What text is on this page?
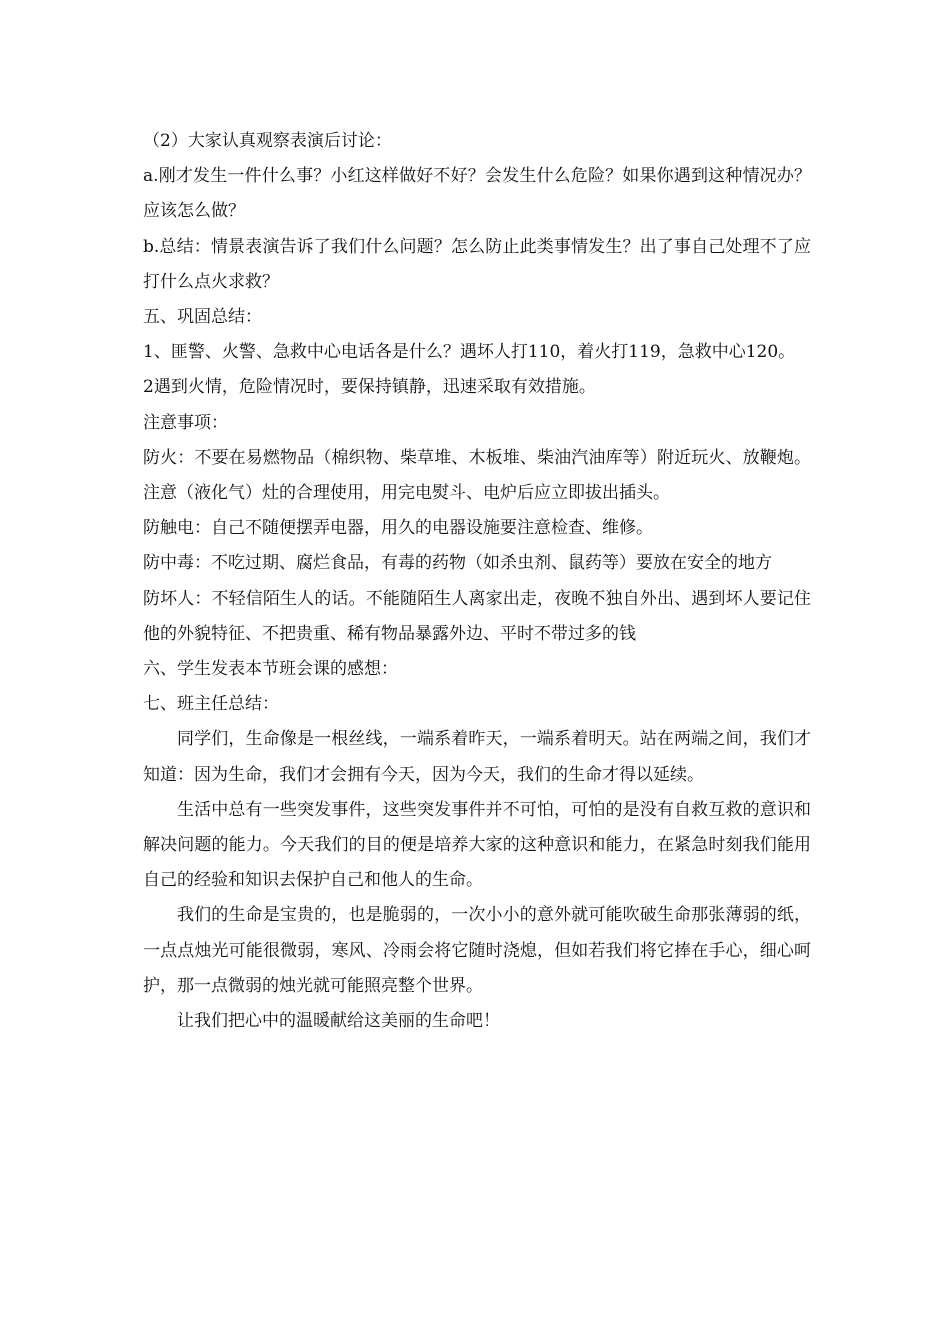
（2）大家认真观察表演后讨论：

a.刚才发生一件什么事？小红这样做好不好？会发生什么危险？如果你遇到这种情况办？应该怎么做？

b.总结：情景表演告诉了我们什么问题？怎么防止此类事情发生？出了事自己处理不了应打什么点火求救？

五、巩固总结：

1、匪警、火警、急救中心电话各是什么？遇坏人打110，着火打119，急救中心120。

2遇到火情，危险情况时，要保持镇静，迅速采取有效措施。

注意事项：

防火：不要在易燃物品（棉织物、柴草堆、木板堆、柴油汽油库等）附近玩火、放鞭炮。注意（液化气）灶的合理使用，用完电熨斗、电炉后应立即拔出插头。

防触电：自己不随便摆弄电器，用久的电器设施要注意检查、维修。

防中毒：不吃过期、腐烂食品，有毒的药物（如杀虫剂、鼠药等）要放在安全的地方

防坏人：不轻信陌生人的话。不能随陌生人离家出走，夜晚不独自外出、遇到坏人要记住他的外貌特征、不把贵重、稀有物品暴露外边、平时不带过多的钱

六、学生发表本节班会课的感想：

七、班主任总结：

同学们，生命像是一根丝线，一端系着昨天，一端系着明天。站在两端之间，我们才知道：因为生命，我们才会拥有今天，因为今天，我们的生命才得以延续。

生活中总有一些突发事件，这些突发事件并不可怕，可怕的是没有自救互救的意识和解决问题的能力。今天我们的目的便是培养大家的这种意识和能力，在紧急时刻我们能用自己的经验和知识去保护自己和他人的生命。

我们的生命是宝贵的，也是脆弱的，一次小小的意外就可能吹破生命那张薄弱的纸，一点点烛光可能很微弱，寒风、冷雨会将它随时浇熄，但如若我们将它捧在手心，细心呵护，那一点微弱的烛光就可能照亮整个世界。

让我们把心中的温暖献给这美丽的生命吧！
